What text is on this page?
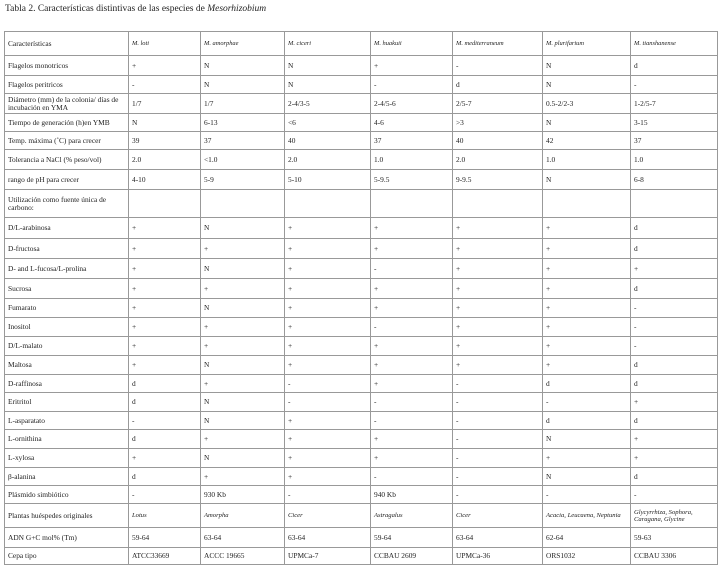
Tabla 2. Características distintivas de las especies de Mesorhizobium
Características	M. loti	M. amorphae	M. ciceri	M. huakuii	M. mediterraneum	M. plurifarium	M. tianshanense
Flagelos monotricos	+	N	N	+	-	N	d
Flagelos peritricos	-	N	N	-	d	N	-
Diámetro (mm) de la colonia/ días de incubación en YMA	1/7	1/7	2-4/3-5	2-4/5-6	2/5-7	0.5-2/2-3	1-2/5-7
Tiempo de generación (h)en YMB	N	6-13	<6	4-6	>3	N	3-15
Temp. máxima (˚C) para crecer	39	37	40	37	40	42	37
Tolerancia a NaCl (% peso/vol)	2.0	<1.0	2.0	1.0	2.0	1.0	1.0
rango de pH para crecer	4-10	5-9	5-10	5-9.5	9-9.5	N	6-8
Utilización como fuente única de carbono:							
D/L-arabinosa	+	N	+	+	+	+	d
D-fructosa	+	+	+	+	+	+	d
D- and L-fucosa/L-prolina	+	N	+	-	+	+	+
Sucrosa	+	+	+	+	+	+	d
Fumarato	+	N	+	+	+	+	-
Inositol	+	+	+	-	+	+	-
D/L-malato	+	+	+	+	+	+	-
Maltosa	+	N	+	+	+	+	d
D-raffinosa	d	+	-	+	-	d	d
Eritritol	d	N	-	-	-	-	+
L-asparatato	-	N	+	-	-	d	d
L-ornithina	d	+	+	+	-	N	+
L-xylosa	+	N	+	+	-	+	+
β-alanina	d	+	+	-	-	N	d
Plásmido simbiótico	-	930 Kb	-	940 Kb	-	-	-
Plantas huéspedes originales	Lotus	Amorpha	Cicer	Astragalus	Cicer	Acacia, Leucaena, Neptunia	Glycyrrhiza, Sophora, Caragana, Glycine
ADN G+C mol% (Tm)	59-64	63-64	63-64	59-64	63-64	62-64	59-63
Cepa tipo	ATCC33669	ACCC 19665	UPMCa-7	CCBAU 2609	UPMCa-36	ORS1032	CCBAU 3306
